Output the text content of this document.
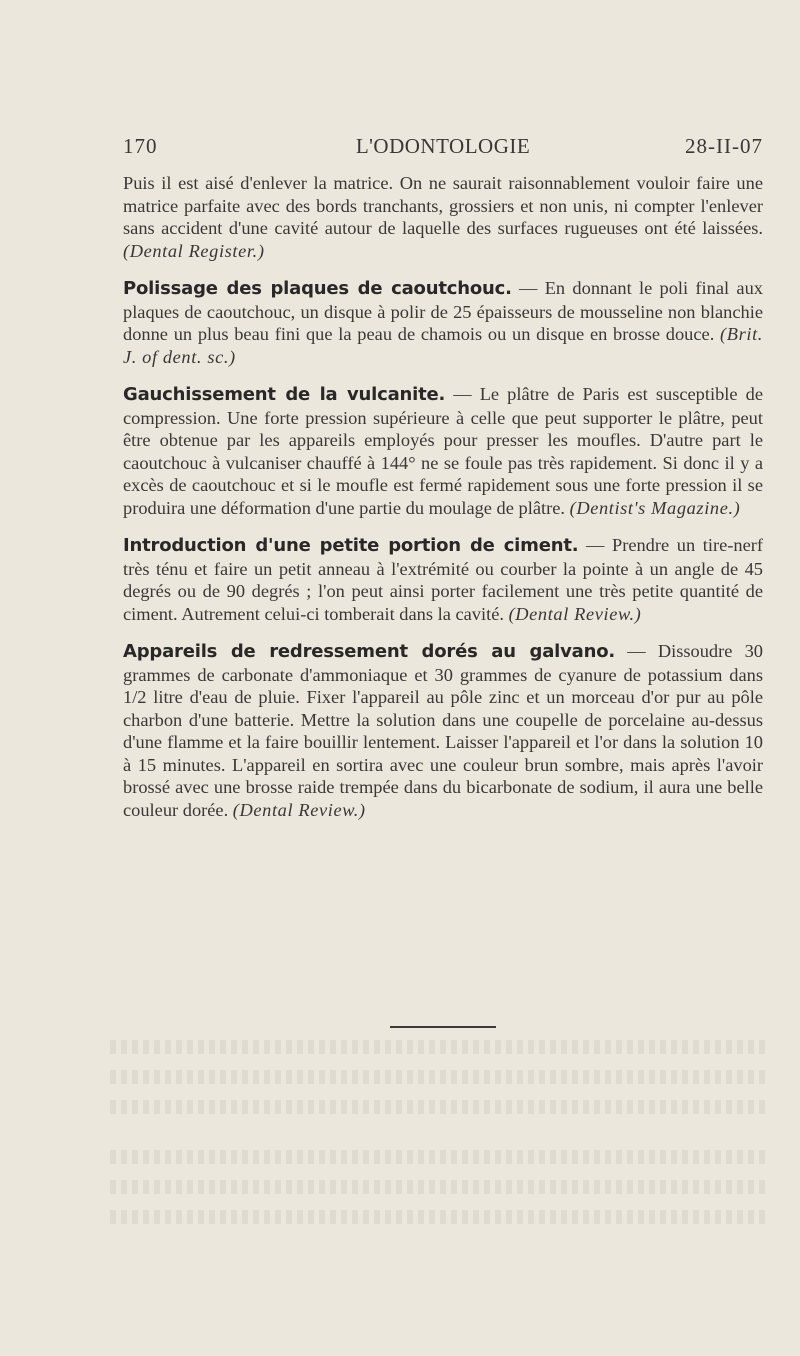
170	L'ODONTOLOGIE	28-II-07

Puis il est aisé d'enlever la matrice. On ne saurait raisonnablement vouloir faire une matrice parfaite avec des bords tranchants, grossiers et non unis, ni compter l'enlever sans accident d'une cavité autour de laquelle des surfaces rugueuses ont été laissées. (Dental Register.)

Polissage des plaques de caoutchouc. — En donnant le poli final aux plaques de caoutchouc, un disque à polir de 25 épaisseurs de mousseline non blanchie donne un plus beau fini que la peau de chamois ou un disque en brosse douce. (Brit. J. of dent. sc.)

Gauchissement de la vulcanite. — Le plâtre de Paris est susceptible de compression. Une forte pression supérieure à celle que peut supporter le plâtre, peut être obtenue par les appareils employés pour presser les moufles. D'autre part le caoutchouc à vulcaniser chauffé à 144° ne se foule pas très rapidement. Si donc il y a excès de caoutchouc et si le moufle est fermé rapidement sous une forte pression il se produira une déformation d'une partie du moulage de plâtre. (Dentist's Magazine.)

Introduction d'une petite portion de ciment. — Prendre un tire-nerf très ténu et faire un petit anneau à l'extrémité ou courber la pointe à un angle de 45 degrés ou de 90 degrés ; l'on peut ainsi porter facilement une très petite quantité de ciment. Autrement celui-ci tomberait dans la cavité. (Dental Review.)

Appareils de redressement dorés au galvano. — Dissoudre 30 grammes de carbonate d'ammoniaque et 30 grammes de cyanure de potassium dans 1/2 litre d'eau de pluie. Fixer l'appareil au pôle zinc et un morceau d'or pur au pôle charbon d'une batterie. Mettre la solution dans une coupelle de porcelaine au-dessus d'une flamme et la faire bouillir lentement. Laisser l'appareil et l'or dans la solution 10 à 15 minutes. L'appareil en sortira avec une couleur brun sombre, mais après l'avoir brossé avec une brosse raide trempée dans du bicarbonate de sodium, il aura une belle couleur dorée. (Dental Review.)
